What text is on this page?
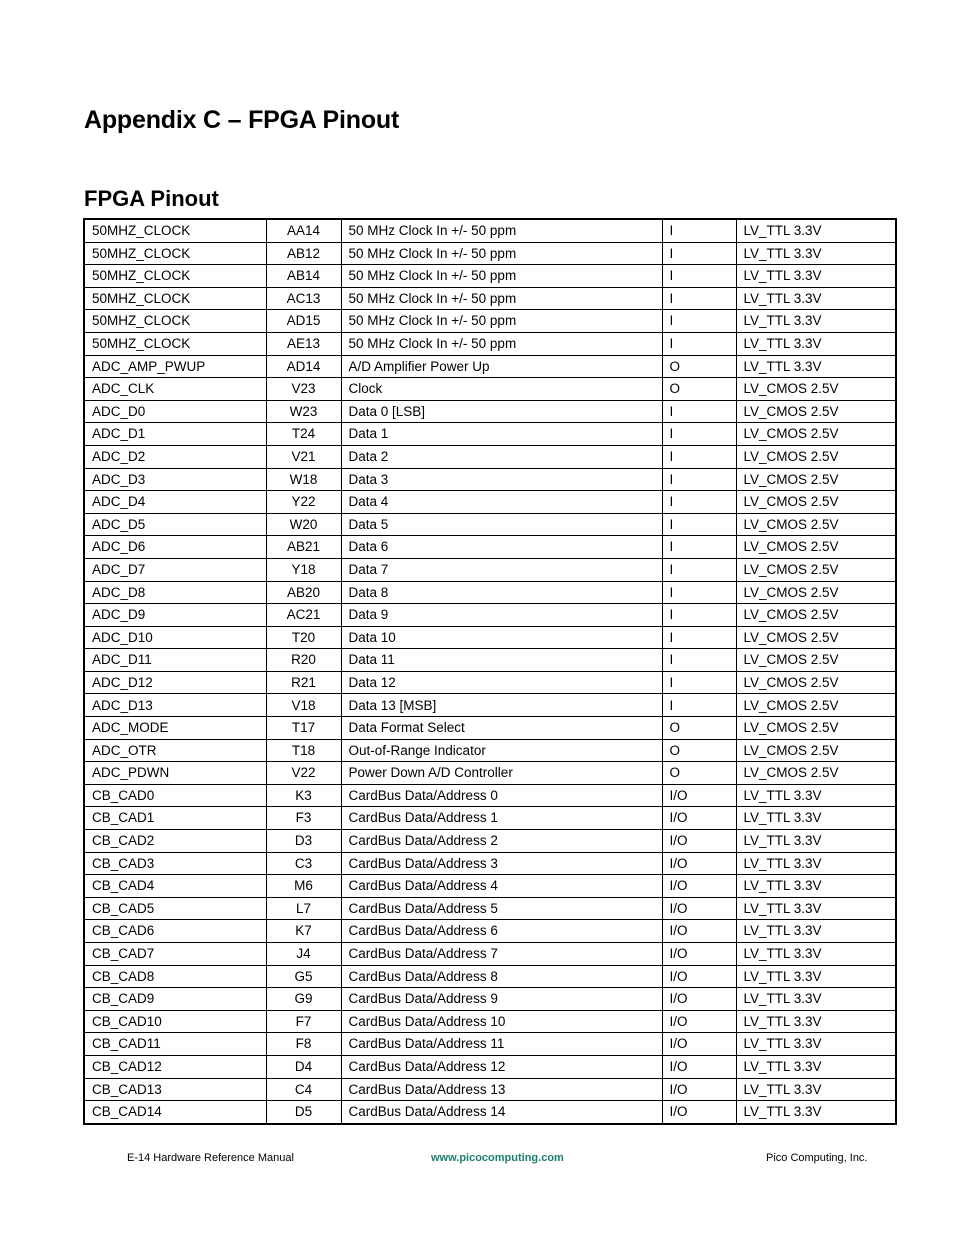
Appendix C – FPGA Pinout
FPGA Pinout
50MHZ_CLOCK	AA14	50 MHz Clock In +/- 50 ppm	I	LV_TTL 3.3V
50MHZ_CLOCK	AB12	50 MHz Clock In +/- 50 ppm	I	LV_TTL 3.3V
50MHZ_CLOCK	AB14	50 MHz Clock In +/- 50 ppm	I	LV_TTL 3.3V
50MHZ_CLOCK	AC13	50 MHz Clock In +/- 50 ppm	I	LV_TTL 3.3V
50MHZ_CLOCK	AD15	50 MHz Clock In +/- 50 ppm	I	LV_TTL 3.3V
50MHZ_CLOCK	AE13	50 MHz Clock In +/- 50 ppm	I	LV_TTL 3.3V
ADC_AMP_PWUP	AD14	A/D Amplifier Power Up	O	LV_TTL 3.3V
ADC_CLK	V23	Clock	O	LV_CMOS 2.5V
ADC_D0	W23	Data 0 [LSB]	I	LV_CMOS 2.5V
ADC_D1	T24	Data 1	I	LV_CMOS 2.5V
ADC_D2	V21	Data 2	I	LV_CMOS 2.5V
ADC_D3	W18	Data 3	I	LV_CMOS 2.5V
ADC_D4	Y22	Data 4	I	LV_CMOS 2.5V
ADC_D5	W20	Data 5	I	LV_CMOS 2.5V
ADC_D6	AB21	Data 6	I	LV_CMOS 2.5V
ADC_D7	Y18	Data 7	I	LV_CMOS 2.5V
ADC_D8	AB20	Data 8	I	LV_CMOS 2.5V
ADC_D9	AC21	Data 9	I	LV_CMOS 2.5V
ADC_D10	T20	Data 10	I	LV_CMOS 2.5V
ADC_D11	R20	Data 11	I	LV_CMOS 2.5V
ADC_D12	R21	Data 12	I	LV_CMOS 2.5V
ADC_D13	V18	Data 13 [MSB]	I	LV_CMOS 2.5V
ADC_MODE	T17	Data Format Select	O	LV_CMOS 2.5V
ADC_OTR	T18	Out-of-Range Indicator	O	LV_CMOS 2.5V
ADC_PDWN	V22	Power Down A/D Controller	O	LV_CMOS 2.5V
CB_CAD0	K3	CardBus Data/Address 0	I/O	LV_TTL 3.3V
CB_CAD1	F3	CardBus Data/Address 1	I/O	LV_TTL 3.3V
CB_CAD2	D3	CardBus Data/Address 2	I/O	LV_TTL 3.3V
CB_CAD3	C3	CardBus Data/Address 3	I/O	LV_TTL 3.3V
CB_CAD4	M6	CardBus Data/Address 4	I/O	LV_TTL 3.3V
CB_CAD5	L7	CardBus Data/Address 5	I/O	LV_TTL 3.3V
CB_CAD6	K7	CardBus Data/Address 6	I/O	LV_TTL 3.3V
CB_CAD7	J4	CardBus Data/Address 7	I/O	LV_TTL 3.3V
CB_CAD8	G5	CardBus Data/Address 8	I/O	LV_TTL 3.3V
CB_CAD9	G9	CardBus Data/Address 9	I/O	LV_TTL 3.3V
CB_CAD10	F7	CardBus Data/Address 10	I/O	LV_TTL 3.3V
CB_CAD11	F8	CardBus Data/Address 11	I/O	LV_TTL 3.3V
CB_CAD12	D4	CardBus Data/Address 12	I/O	LV_TTL 3.3V
CB_CAD13	C4	CardBus Data/Address 13	I/O	LV_TTL 3.3V
CB_CAD14	D5	CardBus Data/Address 14	I/O	LV_TTL 3.3V
E-14 Hardware Reference Manual	www.picocomputing.com	Pico Computing, Inc.
